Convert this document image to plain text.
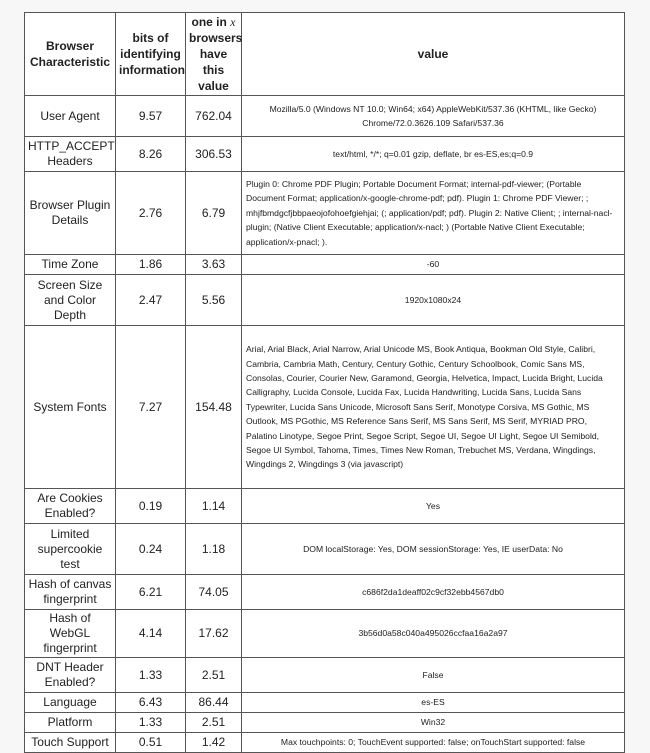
Browser Characteristic	bits of identifying information	one in x browsers have this value	value
User Agent	9.57	762.04	Mozilla/5.0 (Windows NT 10.0; Win64; x64) AppleWebKit/537.36 (KHTML, like Gecko) Chrome/72.0.3626.109 Safari/537.36
HTTP_ACCEPT Headers	8.26	306.53	text/html, */*; q=0.01 gzip, deflate, br es-ES,es;q=0.9
Browser Plugin Details	2.76	6.79	Plugin 0: Chrome PDF Plugin; Portable Document Format; internal-pdf-viewer; (Portable Document Format; application/x-google-chrome-pdf; pdf). Plugin 1: Chrome PDF Viewer; ; mhjfbmdgcfjbbpaeojofohoefgiehjai; (; application/pdf; pdf). Plugin 2: Native Client; ; internal-nacl-plugin; (Native Client Executable; application/x-nacl; ) (Portable Native Client Executable; application/x-pnacl; ).
Time Zone	1.86	3.63	-60
Screen Size and Color Depth	2.47	5.56	1920x1080x24
System Fonts	7.27	154.48	Arial, Arial Black, Arial Narrow, Arial Unicode MS, Book Antiqua, Bookman Old Style, Calibri, Cambria, Cambria Math, Century, Century Gothic, Century Schoolbook, Comic Sans MS, Consolas, Courier, Courier New, Garamond, Georgia, Helvetica, Impact, Lucida Bright, Lucida Calligraphy, Lucida Console, Lucida Fax, Lucida Handwriting, Lucida Sans, Lucida Sans Typewriter, Lucida Sans Unicode, Microsoft Sans Serif, Monotype Corsiva, MS Gothic, MS Outlook, MS PGothic, MS Reference Sans Serif, MS Sans Serif, MS Serif, MYRIAD PRO, Palatino Linotype, Segoe Print, Segoe Script, Segoe UI, Segoe UI Light, Segoe UI Semibold, Segoe UI Symbol, Tahoma, Times, Times New Roman, Trebuchet MS, Verdana, Wingdings, Wingdings 2, Wingdings 3 (via javascript)
Are Cookies Enabled?	0.19	1.14	Yes
Limited supercookie test	0.24	1.18	DOM localStorage: Yes, DOM sessionStorage: Yes, IE userData: No
Hash of canvas fingerprint	6.21	74.05	c686f2da1deaff02c9cf32ebb4567db0
Hash of WebGL fingerprint	4.14	17.62	3b56d0a58c040a495026ccfaa16a2a97
DNT Header Enabled?	1.33	2.51	False
Language	6.43	86.44	es-ES
Platform	1.33	2.51	Win32
Touch Support	0.51	1.42	Max touchpoints: 0; TouchEvent supported: false; onTouchStart supported: false
